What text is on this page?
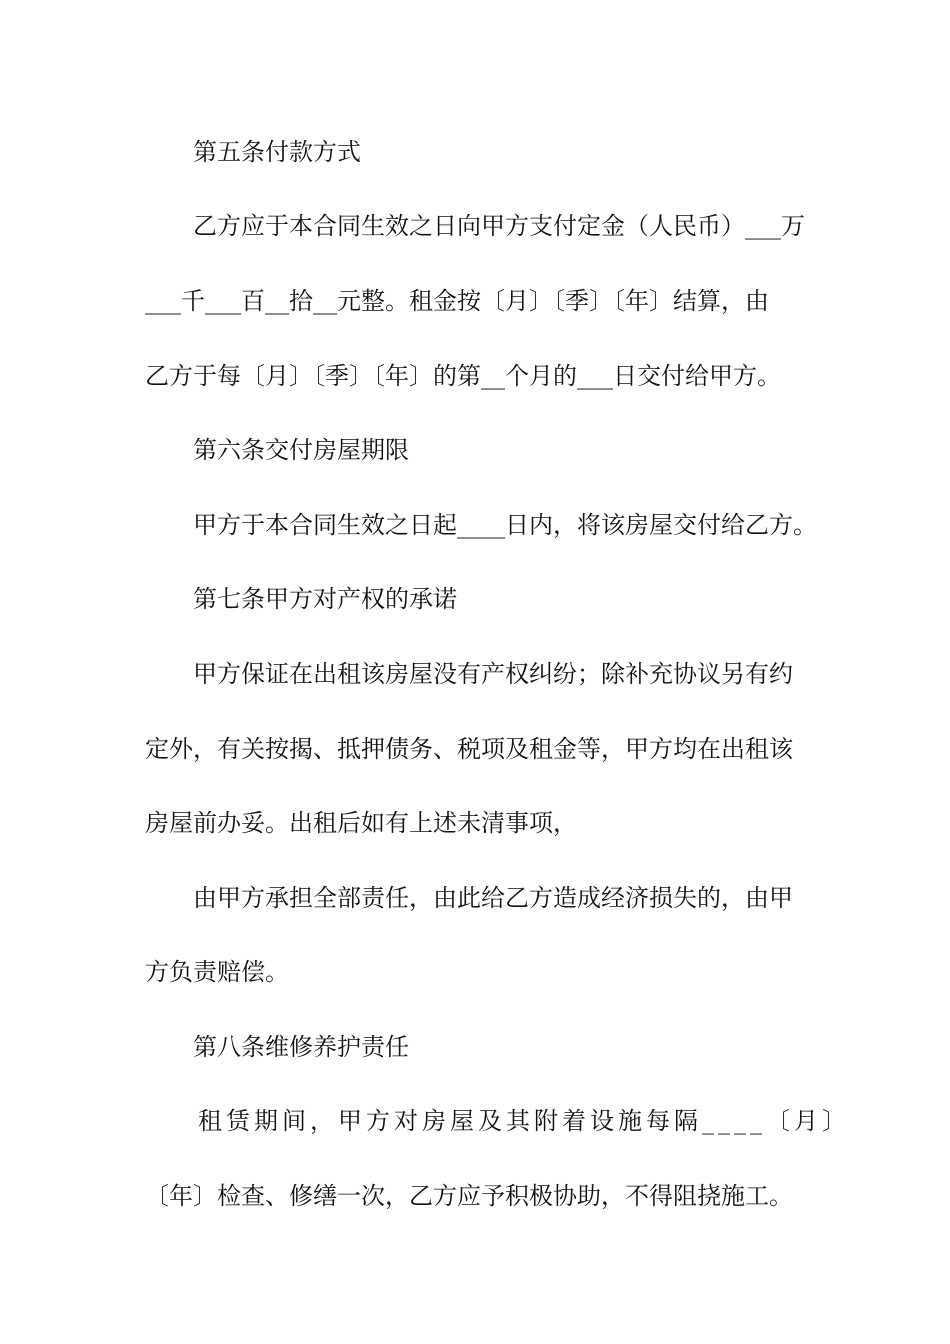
第五条付款方式
乙方应于本合同生效之日向甲方支付定金（人民币）___万
___千___百__拾__元整。租金按〔月〕〔季〕〔年〕结算，由
乙方于每〔月〕〔季〕〔年〕的第__个月的___日交付给甲方。
第六条交付房屋期限
甲方于本合同生效之日起____日内，将该房屋交付给乙方。
第七条甲方对产权的承诺
甲方保证在出租该房屋没有产权纠纷；除补充协议另有约
定外，有关按揭、抵押债务、税项及租金等，甲方均在出租该
房屋前办妥。出租后如有上述未清事项，
由甲方承担全部责任，由此给乙方造成经济损失的，由甲
方负责赔偿。
第八条维修养护责任
租赁期间，甲方对房屋及其附着设施每隔____〔月〕
〔年〕检查、修缮一次，乙方应予积极协助，不得阻挠施工。
